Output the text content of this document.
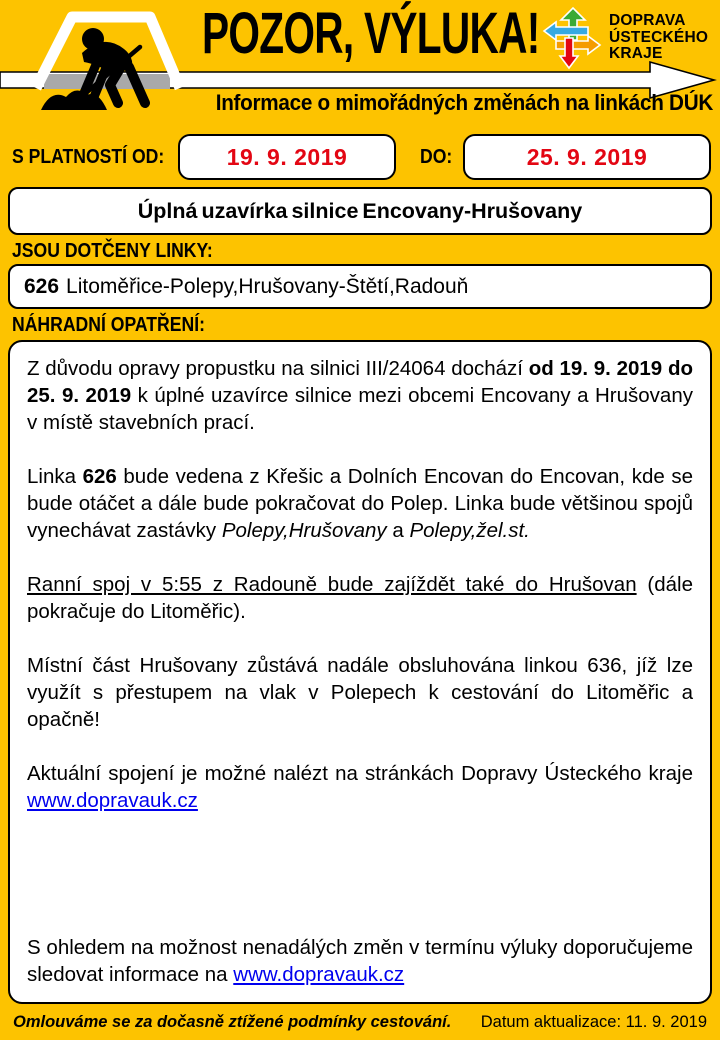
POZOR, VÝLUKA!	DOPRAVA
ÚSTECKÉHO
KRAJE
Informace o mimořádných změnách na linkách DÚK
S PLATNOSTÍ OD:	19. 9. 2019	DO:	25. 9. 2019
Úplná uzavírka silnice Encovany-Hrušovany
JSOU DOTČENY LINKY:
626 Litoměřice-Polepy,Hrušovany-Štětí,Radouň
NÁHRADNÍ OPATŘENÍ:

Z důvodu opravy propustku na silnici III/24064 dochází od 19. 9. 2019 do 25. 9. 2019 k úplné uzavírce silnice mezi obcemi Encovany a Hrušovany v místě stavebních prací.

Linka 626 bude vedena z Křešic a Dolních Encovan do Encovan, kde se bude otáčet a dále bude pokračovat do Polep. Linka bude většinou spojů vynechávat zastávky Polepy,Hrušovany a Polepy,žel.st.

Ranní spoj v 5:55 z Radouně bude zajíždět také do Hrušovan (dále pokračuje do Litoměřic).

Místní část Hrušovany zůstává nadále obsluhována linkou 636, jíž lze využít s přestupem na vlak v Polepech k cestování do Litoměřic a opačně!

Aktuální spojení je možné nalézt na stránkách Dopravy Ústeckého kraje www.dopravauk.cz

S ohledem na možnost nenadálých změn v termínu výluky doporučujeme sledovat informace na www.dopravauk.cz

Omlouváme se za dočasně ztížené podmínky cestování. Datum aktualizace: 11. 9. 2019
